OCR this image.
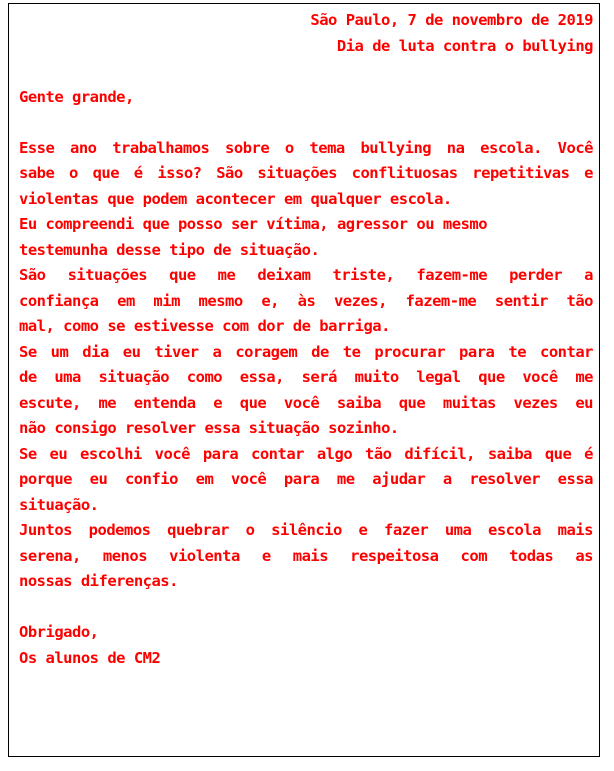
São Paulo, 7 de novembro de 2019
Dia de luta contra o bullying
Gente grande,
Esse ano trabalhamos sobre o tema bullying na escola. Você
sabe o que é isso? São situações conflituosas repetitivas e
violentas que podem acontecer em qualquer escola.
Eu compreendi que posso ser vítima, agressor ou mesmo
testemunha desse tipo de situação.
São situações que me deixam triste, fazem-me perder a
confiança em mim mesmo e, às vezes, fazem-me sentir tão
mal, como se estivesse com dor de barriga.
Se um dia eu tiver a coragem de te procurar para te contar
de uma situação como essa, será muito legal que você me
escute, me entenda e que você saiba que muitas vezes eu
não consigo resolver essa situação sozinho.
Se eu escolhi você para contar algo tão difícil, saiba que é
porque eu confio em você para me ajudar a resolver essa
situação.
Juntos podemos quebrar o silêncio e fazer uma escola mais
serena, menos violenta e mais respeitosa com todas as
nossas diferenças.
Obrigado,
Os alunos de CM2
